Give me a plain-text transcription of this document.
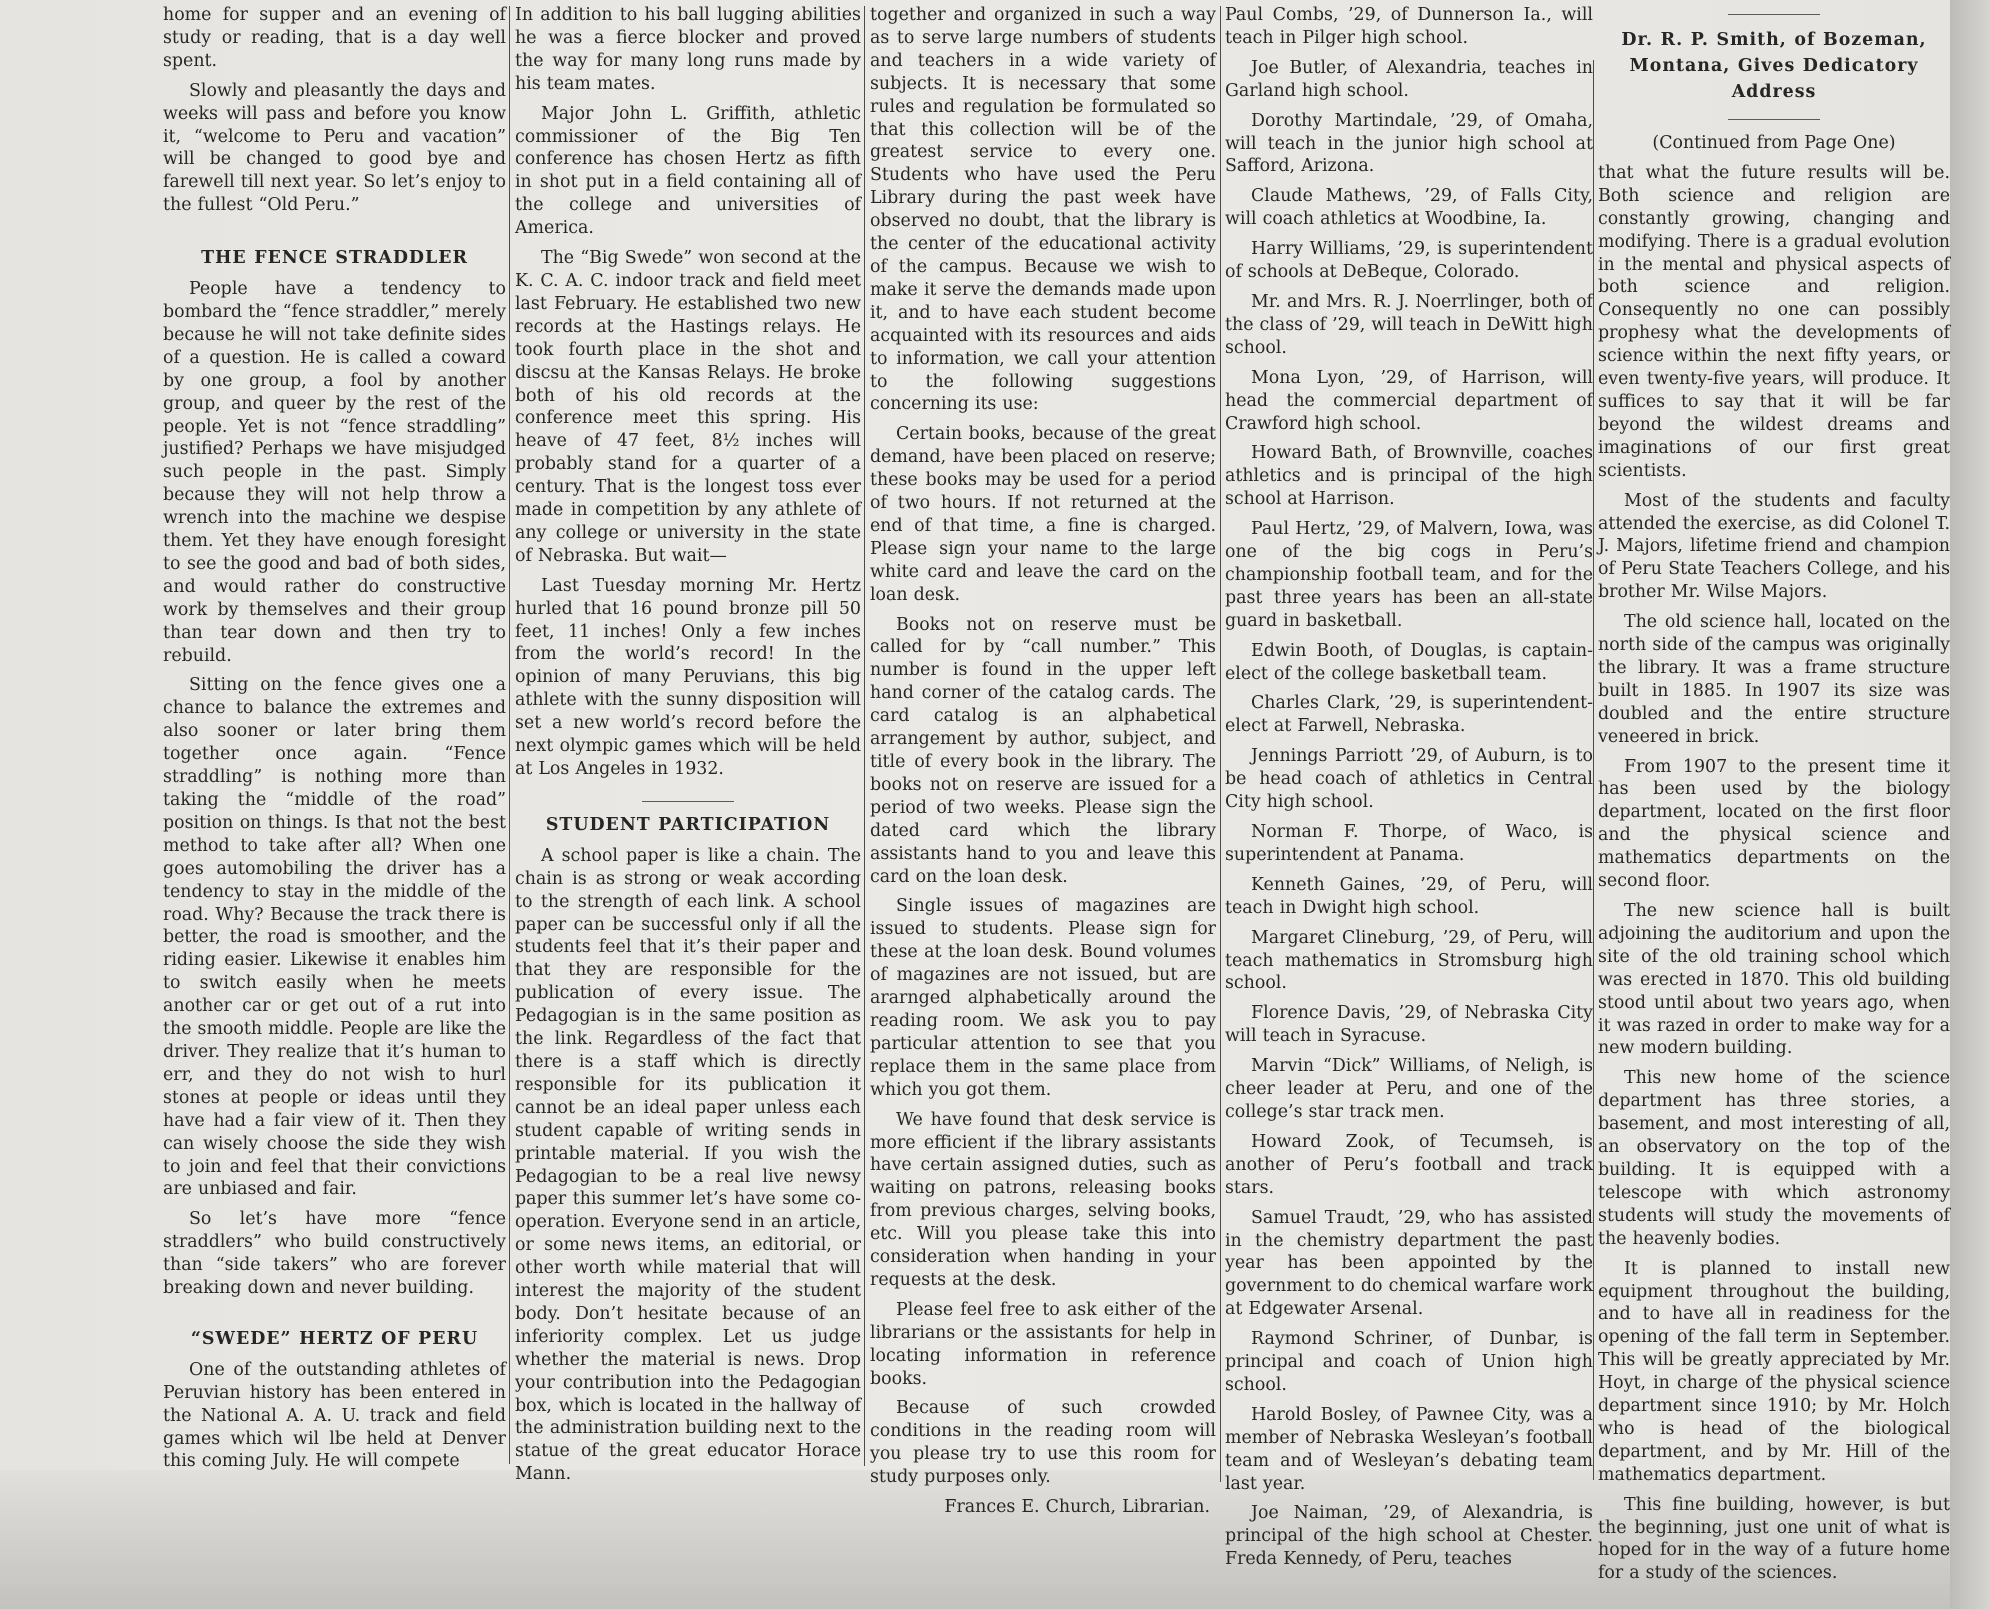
home for supper and an evening of study or reading, that is a day well spent.

Slowly and pleasantly the days and weeks will pass and before you know it, “welcome to Peru and vacation” will be changed to good bye and farewell till next year. So let’s enjoy to the fullest “Old Peru.”

THE FENCE STRADDLER

People have a tendency to bombard the “fence straddler,” merely because he will not take definite sides of a question. He is called a coward by one group, a fool by another group, and queer by the rest of the people. Yet is not “fence straddling” justified? Perhaps we have misjudged such people in the past. Simply because they will not help throw a wrench into the machine we despise them. Yet they have enough foresight to see the good and bad of both sides, and would rather do constructive work by themselves and their group than tear down and then try to rebuild.

Sitting on the fence gives one a chance to balance the extremes and also sooner or later bring them together once again. “Fence straddling” is nothing more than taking the “middle of the road” position on things. Is that not the best method to take after all? When one goes automobiling the driver has a tendency to stay in the middle of the road. Why? Because the track there is better, the road is smoother, and the riding easier. Likewise it enables him to switch easily when he meets another car or get out of a rut into the smooth middle. People are like the driver. They realize that it’s human to err, and they do not wish to hurl stones at people or ideas until they have had a fair view of it. Then they can wisely choose the side they wish to join and feel that their convictions are unbiased and fair.

So let’s have more “fence straddlers” who build constructively than “side takers” who are forever breaking down and never building.

“SWEDE” HERTZ OF PERU

One of the outstanding athletes of Peruvian history has been entered in the National A. A. U. track and field games which wil lbe held at Denver this coming July. He will compete

In addition to his ball lugging abilities he was a fierce blocker and proved the way for many long runs made by his team mates.

Major John L. Griffith, athletic commissioner of the Big Ten conference has chosen Hertz as fifth in shot put in a field containing all of the college and universities of America.

The “Big Swede” won second at the K. C. A. C. indoor track and field meet last February. He established two new records at the Hastings relays. He took fourth place in the shot and discsu at the Kansas Relays. He broke both of his old records at the conference meet this spring. His heave of 47 feet, 8½ inches will probably stand for a quarter of a century. That is the longest toss ever made in competition by any athlete of any college or university in the state of Nebraska. But wait—

Last Tuesday morning Mr. Hertz hurled that 16 pound bronze pill 50 feet, 11 inches! Only a few inches from the world’s record! In the opinion of many Peruvians, this big athlete with the sunny disposition will set a new world’s record before the next olympic games which will be held at Los Angeles in 1932.

STUDENT PARTICIPATION

A school paper is like a chain. The chain is as strong or weak according to the strength of each link. A school paper can be successful only if all the students feel that it’s their paper and that they are responsible for the publication of every issue. The Pedagogian is in the same position as the link. Regardless of the fact that there is a staff which is directly responsible for its publication it cannot be an ideal paper unless each student capable of writing sends in printable material. If you wish the Pedagogian to be a real live newsy paper this summer let’s have some co-operation. Everyone send in an article, or some news items, an editorial, or other worth while material that will interest the majority of the student body. Don’t hesitate because of an inferiority complex. Let us judge whether the material is news. Drop your contribution into the Pedagogian box, which is located in the hallway of the administration building next to the statue of the great educator Horace Mann.

together and organized in such a way as to serve large numbers of students and teachers in a wide variety of subjects. It is necessary that some rules and regulation be formulated so that this collection will be of the greatest service to every one. Students who have used the Peru Library during the past week have observed no doubt, that the library is the center of the educational activity of the campus. Because we wish to make it serve the demands made upon it, and to have each student become acquainted with its resources and aids to information, we call your attention to the following suggestions concerning its use:

Certain books, because of the great demand, have been placed on reserve; these books may be used for a period of two hours. If not returned at the end of that time, a fine is charged. Please sign your name to the large white card and leave the card on the loan desk.

Books not on reserve must be called for by “call number.” This number is found in the upper left hand corner of the catalog cards. The card catalog is an alphabetical arrangement by author, subject, and title of every book in the library. The books not on reserve are issued for a period of two weeks. Please sign the dated card which the library assistants hand to you and leave this card on the loan desk.

Single issues of magazines are issued to students. Please sign for these at the loan desk. Bound volumes of magazines are not issued, but are ararnged alphabetically around the reading room. We ask you to pay particular attention to see that you replace them in the same place from which you got them.

We have found that desk service is more efficient if the library assistants have certain assigned duties, such as waiting on patrons, releasing books from previous charges, selving books, etc. Will you please take this into consideration when handing in your requests at the desk.

Please feel free to ask either of the librarians or the assistants for help in locating information in reference books.

Because of such crowded conditions in the reading room will you please try to use this room for study purposes only.

Frances E. Church, Librarian.

Paul Combs, ’29, of Dunnerson Ia., will teach in Pilger high school.

Joe Butler, of Alexandria, teaches in Garland high school.

Dorothy Martindale, ’29, of Omaha, will teach in the junior high school at Safford, Arizona.

Claude Mathews, ’29, of Falls City, will coach athletics at Woodbine, Ia.

Harry Williams, ’29, is superintendent of schools at DeBeque, Colorado.

Mr. and Mrs. R. J. Noerrlinger, both of the class of ’29, will teach in DeWitt high school.

Mona Lyon, ’29, of Harrison, will head the commercial department of Crawford high school.

Howard Bath, of Brownville, coaches athletics and is principal of the high school at Harrison.

Paul Hertz, ’29, of Malvern, Iowa, was one of the big cogs in Peru’s championship football team, and for the past three years has been an all-state guard in basketball.

Edwin Booth, of Douglas, is captain-elect of the college basketball team.

Charles Clark, ’29, is superintendent-elect at Farwell, Nebraska.

Jennings Parriott ’29, of Auburn, is to be head coach of athletics in Central City high school.

Norman F. Thorpe, of Waco, is superintendent at Panama.

Kenneth Gaines, ’29, of Peru, will teach in Dwight high school.

Margaret Clineburg, ’29, of Peru, will teach mathematics in Stromsburg high school.

Florence Davis, ’29, of Nebraska City will teach in Syracuse.

Marvin “Dick” Williams, of Neligh, is cheer leader at Peru, and one of the college’s star track men.

Howard Zook, of Tecumseh, is another of Peru’s football and track stars.

Samuel Traudt, ’29, who has assisted in the chemistry department the past year has been appointed by the government to do chemical warfare work at Edgewater Arsenal.

Raymond Schriner, of Dunbar, is principal and coach of Union high school.

Harold Bosley, of Pawnee City, was a member of Nebraska Wesleyan’s football team and of Wesleyan’s debating team last year.

Joe Naiman, ’29, of Alexandria, is principal of the high school at Chester. Freda Kennedy, of Peru, teaches

Dr. R. P. Smith, of Bozeman, Montana, Gives Dedicatory Address

(Continued from Page One)

that what the future results will be. Both science and religion are constantly growing, changing and modifying. There is a gradual evolution in the mental and physical aspects of both science and religion. Consequently no one can possibly prophesy what the developments of science within the next fifty years, or even twenty-five years, will produce. It suffices to say that it will be far beyond the wildest dreams and imaginations of our first great scientists.

Most of the students and faculty attended the exercise, as did Colonel T. J. Majors, lifetime friend and champion of Peru State Teachers College, and his brother Mr. Wilse Majors.

The old science hall, located on the north side of the campus was originally the library. It was a frame structure built in 1885. In 1907 its size was doubled and the entire structure veneered in brick.

From 1907 to the present time it has been used by the biology department, located on the first floor and the physical science and mathematics departments on the second floor.

The new science hall is built adjoining the auditorium and upon the site of the old training school which was erected in 1870. This old building stood until about two years ago, when it was razed in order to make way for a new modern building.

This new home of the science department has three stories, a basement, and most interesting of all, an observatory on the top of the building. It is equipped with a telescope with which astronomy students will study the movements of the heavenly bodies.

It is planned to install new equipment throughout the building, and to have all in readiness for the opening of the fall term in September. This will be greatly appreciated by Mr. Hoyt, in charge of the physical science department since 1910; by Mr. Holch who is head of the biological department, and by Mr. Hill of the mathematics department.

This fine building, however, is but the beginning, just one unit of what is hoped for in the way of a future home for a study of the sciences.
